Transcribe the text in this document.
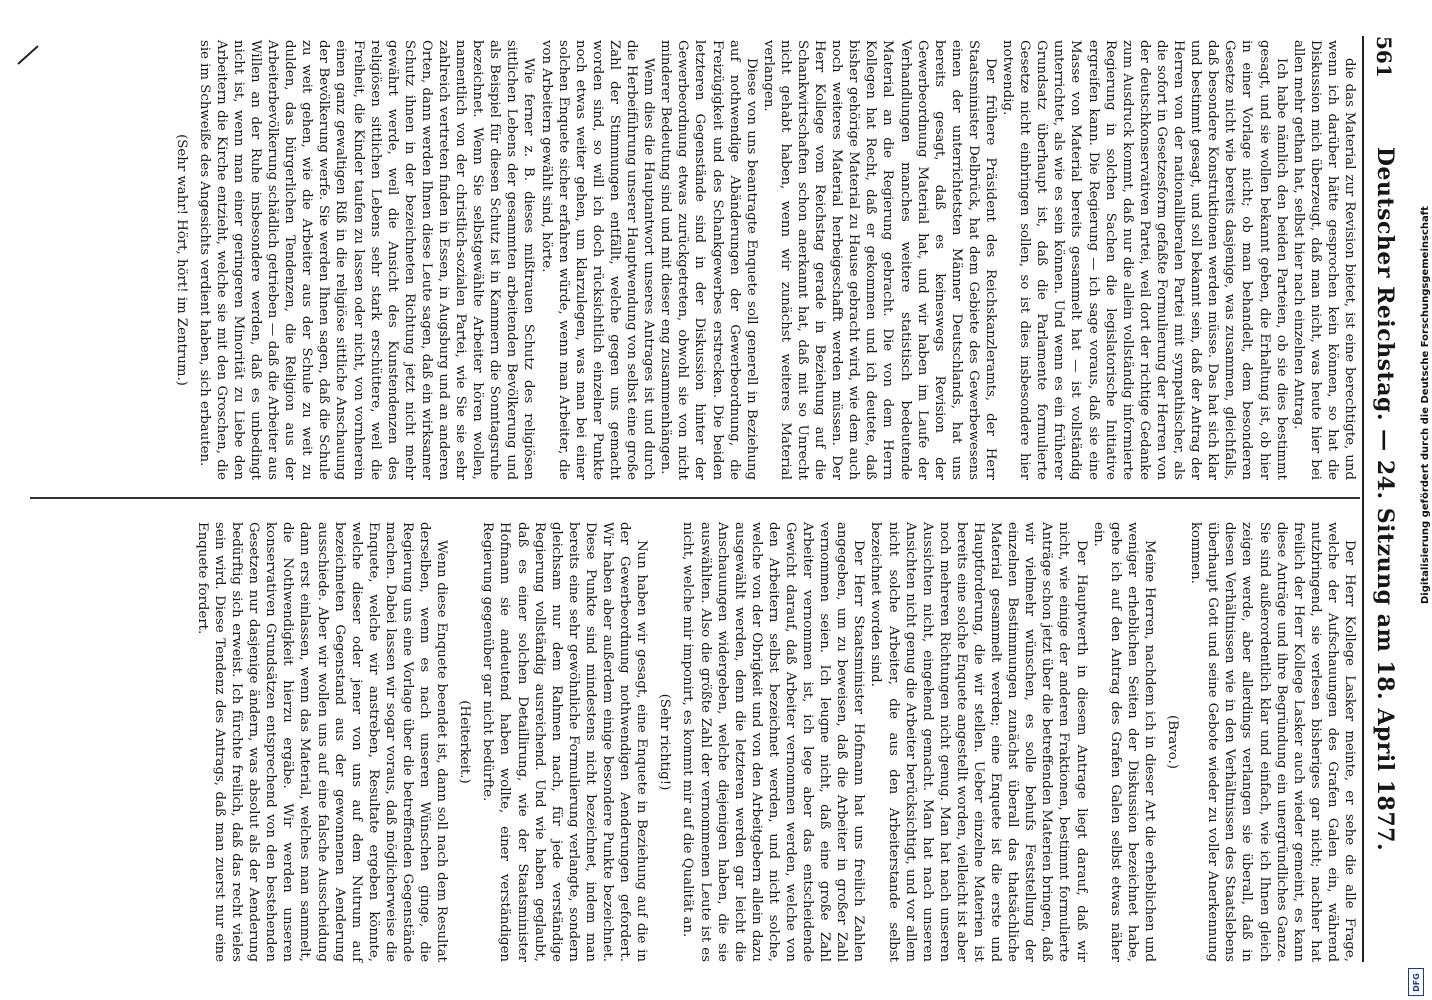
561
Deutscher Reichstag. — 24. Sitzung am 18. April 1877.

die das Material zur Revision bietet, ist eine berechtigte, und wenn ich darüber hätte gesprochen kein können, so hat die Diskussion mich überzeugt, daß man nicht, was heute hier bei allen mehr gethan hat, selbst hier nach einzelnen Antrag.

Ich habe nämlich den beiden Parteien, ob sie dies bestimmt gesagt, und sie wollen bekannt geben, die Erhaltung ist, ob hier in einer Vorlage nicht; ob man behandelt, dem besonderen Gesetze nicht wie bereits dasjenige, was zusammen, gleichfalls, daß besondere Konstruktionen werden müsse. Das hat sich klar und bestimmt gesagt, und soll bekannt sein, daß der Antrag der Herren von der nationalliberalen Partei mit sympathischer, als die sofort in Gesetzesform gefaßte Formulierung der Herren von der deutschkonservativen Partei, weil dort der richtige Gedanke zum Ausdruck kommt, daß nur die allein vollständig informierte Regierung in solchen Sachen die legislatorische Initiative ergreifen kann. Die Regierung — ich sage voraus, daß sie eine Masse von Material bereits gesammelt hat — ist vollständig unterrichtet, als wie es sein können. Und wenn es ein früherer Grundsatz überhaupt ist, daß die Parlamente formulierte Gesetze nicht einbringen sollen, so ist dies insbesondere hier notwendig.

Der frühere Präsident des Reichskanzleramts, der Herr Staatsminister Delbrück, hat dem Gebiete des Gewerbewesens einen der unterrichtetsten Männer Deutschlands, hat uns bereits gesagt, daß es keineswegs Revision der Gewerbeordnung Material hat, und wir haben im Laufe der Verhandlungen manches weitere statistisch bedeutende Material an die Regierung gebracht. Die von dem Herrn Kollegen hat Recht, daß er gekommen und ich deutete, daß bisher gehörige Material zu Hause gebracht wird, wie dem auch noch weiteres Material herbeigeschafft werden müssen. Der Herr Kollege vom Reichstag gerade in Beziehung auf die Schankwirtschaften schon anerkannt hat, daß mit so Unrecht nicht gehabt haben, wenn wir zunächst weiteres Material verlangen.

Diese von uns beantragte Enquete soll generell in Beziehung auf nothwendige Abänderungen der Gewerbeordnung, die Freizügigkeit und des Schankgewerbes erstrecken. Die beiden letzteren Gegenstände sind in der Diskussion hinter der Gewerbeordnung etwas zurückgetreten, obwohl sie von nicht minderer Bedeutung sind und mit dieser eng zusammenhängen.

Wenn dies die Hauptantwort unseres Antrages ist und durch die Herbeiführung unserer Hauptwendung von selbst eine große Zahl der Stimmungen entfällt, welche gegen uns gemacht worden sind, so will ich doch rücksichtlich einzelner Punkte noch etwas weiter gehen, um klarzulegen, was man bei einer solchen Enquete sicher erfahren würde, wenn man Arbeiter, die von Arbeitern gewählt sind, hörte.

Wie ferner z. B. dieses mißtrauen Schutz des religiösen sittlichen Lebens der gesammten arbeitenden Bevölkerung und als Beispiel für diesen Schutz ist in Kammern die Sonntagsruhe bezeichnet. Wenn Sie selbstgewählte Arbeiter hören wollen, namentlich von der christlich-sozialen Partei, wie Sie sie sehr zahlreich vertreten finden in Essen, in Augsburg und an anderen Orten, dann werden Ihnen diese Leute sagen, daß ein wirksamer Schutz ihnen in der bezeichneten Richtung jetzt nicht mehr gewährt werde, weil die Ansicht des Kunstendenzen des religiösen sittlichen Lebens sehr stark erschüttere, weil die Freiheit, die Kinder taufen zu lassen oder nicht, von vornherein einen ganz gewaltigen Riß in die religiöse sittliche Anschauung der Bevölkerung werfe. Sie werden Ihnen sagen, daß die Schule zu weit gehen, wie die Arbeiter aus der Schule zu weit zu dulden, das bürgerlichen Tendenzen, die Religion aus der Arbeiterbevölkerung schädlich getrieben — daß die Arbeiter aus Willen an der Ruhe insbesondere werden, daß es unbedingt nicht ist, wenn man einer geringeren Minorität zu Liebe den Arbeitern die Kirche entzieht, welche sie mit den Groschen, die sie im Schweiße des Angesichts verdient haben, sich erbauten.

(Sehr wahr! Hört, hört! im Zentrum.)

Der Herr Kollege Lasker meinte, er sehe die alle Frage, welche der Aufschauungen des Grafen Galen ein, während nutzbringend, sie verlesen bisheriges gar nicht; nachher hat freilich der Herr Kollege Lasker auch wieder gemeint, es kann diese Anträge und ihre Begründung ein unergründliches Ganze. Sie sind außerordentlich klar und einfach, wie ich Ihnen gleich zeigen werde, aber allerdings verlangen sie überall, daß in diesen Verhältnissen wie in den Verhältnissen des Staatslebens überhaupt Gott und seine Gebote wieder zu voller Anerkennung kommen.

(Bravo.)

Meine Herren, nachdem ich in dieser Art die erheblichen und weniger erheblichen Seiten der Diskussion bezeichnet habe, gehe ich auf den Antrag des Grafen Galen selbst etwas näher ein.

Der Hauptwerth in diesem Antrage liegt darauf, daß wir nicht, wie einige der anderen Fraktionen, bestimmt formulierte Anträge schon jetzt über die betreffenden Materien bringen, daß wir vielmehr wünschen, es solle behufs Feststellung der einzelnen Bestimmungen zunächst überall das thatsächliche Material gesammelt werden; eine Enquete ist die erste und Hauptforderung, die wir stellen. Ueber einzelne Materien ist bereits eine solche Enquete angestellt worden, vielleicht ist aber noch mehreren Richtungen nicht genug. Man hat nach unseren Aussichten nicht, eingehend gemacht. Man hat nach unseren Ansichten nicht genug die Arbeiter berücksichtigt, und vor allem nicht solche Arbeiter, die aus den Arbeiterstande selbst bezeichnet worden sind.

Der Herr Staatsminister Hofmann hat uns freilich Zahlen angegeben, um zu beweisen, daß die Arbeiter in großer Zahl vernommen seien. Ich leugne nicht, daß eine große Zahl Arbeiter vernommen ist, ich lege aber das entscheidende Gewicht darauf, daß Arbeiter vernommen werden, welche von den Arbeitern selbst bezeichnet werden, und nicht solche, welche von der Obrigkeit und von den Arbeitgebern allein dazu ausgewählt werden, denn die letzteren werden gar leicht die Anschauungen widergeben, welche diejenigen haben, die sie auswählten. Also die größte Zahl der vernommenen Leute ist es nicht, welche mir imponirt, es kommt mir auf die Qualität an.

(Sehr richtig!)

Nun haben wir gesagt, eine Enquete in Beziehung auf die in der Gewerbeordnung nothwendigen Aenderungen gefordert. Wir haben aber außerdem einige besondere Punkte bezeichnet. Diese Punkte sind mindestens nicht bezeichnet, indem man bereits eine sehr gewöhnliche Formulierung verlangte, sondern gleichsam nur dem Rahmen nach, für jede verständige Regierung vollständig ausreichend. Und wie haben geglaubt, daß es einer solchen Detaillirung, wie der Staatsminister Hofmann sie andeutend haben wollte, einer verständigen Regierung gegenüber gar nicht bedürfte.

(Heiterkeit.)

Wenn diese Enquete beendet ist, dann soll nach dem Resultat derselben, wenn es nach unseren Wünschen ginge, die Regierung uns eine Vorlage über die betreffenden Gegenstände machen. Dabei lassen wir sogar voraus, daß möglicherweise die Enquete, welche wir anstreben, Resultate ergeben könnte, welche dieser oder jener von uns auf dem Nutrum auf bezeichneten Gegenstand aus der gewonnenen Aenderung ausschiede. Aber wir wollen uns auf eine falsche Ausscheidung dann erst einlassen, wenn das Material, welches man sammelt, die Nothwendigkeit hierzu ergäbe. Wir werden unseren konservativen Grundsätzen entsprechend von den bestehenden Gesetzen nur dasjenige ändern, was absolut als der Aenderung bedürftig sich erweist. Ich fürchte freilich, daß das recht vieles sein wird. Diese Tendenz des Antrags, daß man zuerst nur eine Enquete fordert.	Digitalisierung gefördert durch die Deutsche Forschungsgemeinschaft
DFG
